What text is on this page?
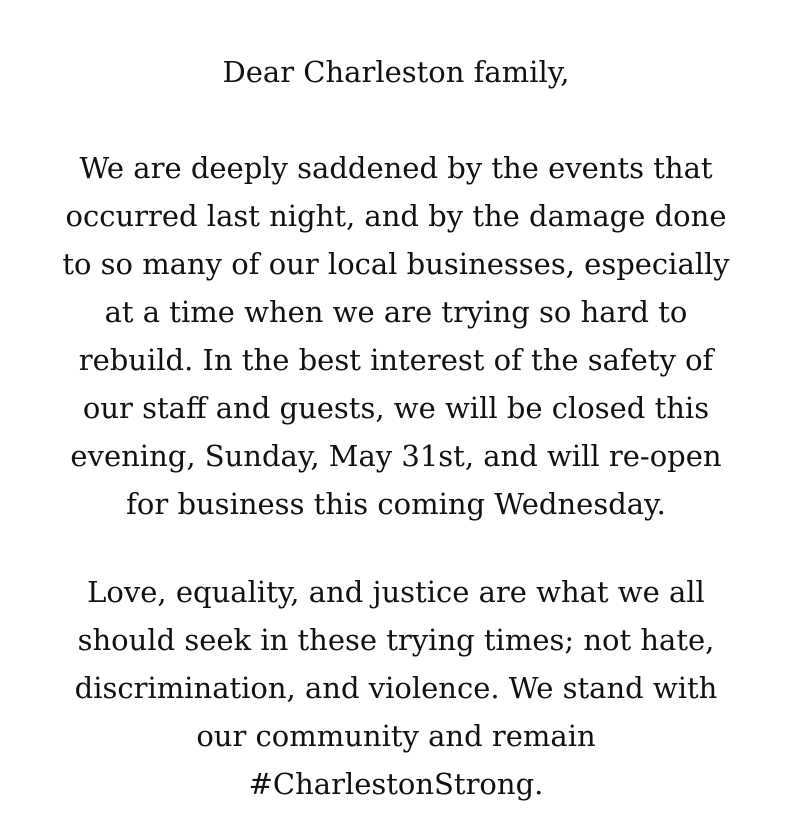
Dear Charleston family,
We are deeply saddened by the events that
occurred last night, and by the damage done
to so many of our local businesses, especially
at a time when we are trying so hard to
rebuild. In the best interest of the safety of
our staff and guests, we will be closed this
evening, Sunday, May 31st, and will re-open
for business this coming Wednesday.
Love, equality, and justice are what we all
should seek in these trying times; not hate,
discrimination, and violence. We stand with
our community and remain
#CharlestonStrong.
